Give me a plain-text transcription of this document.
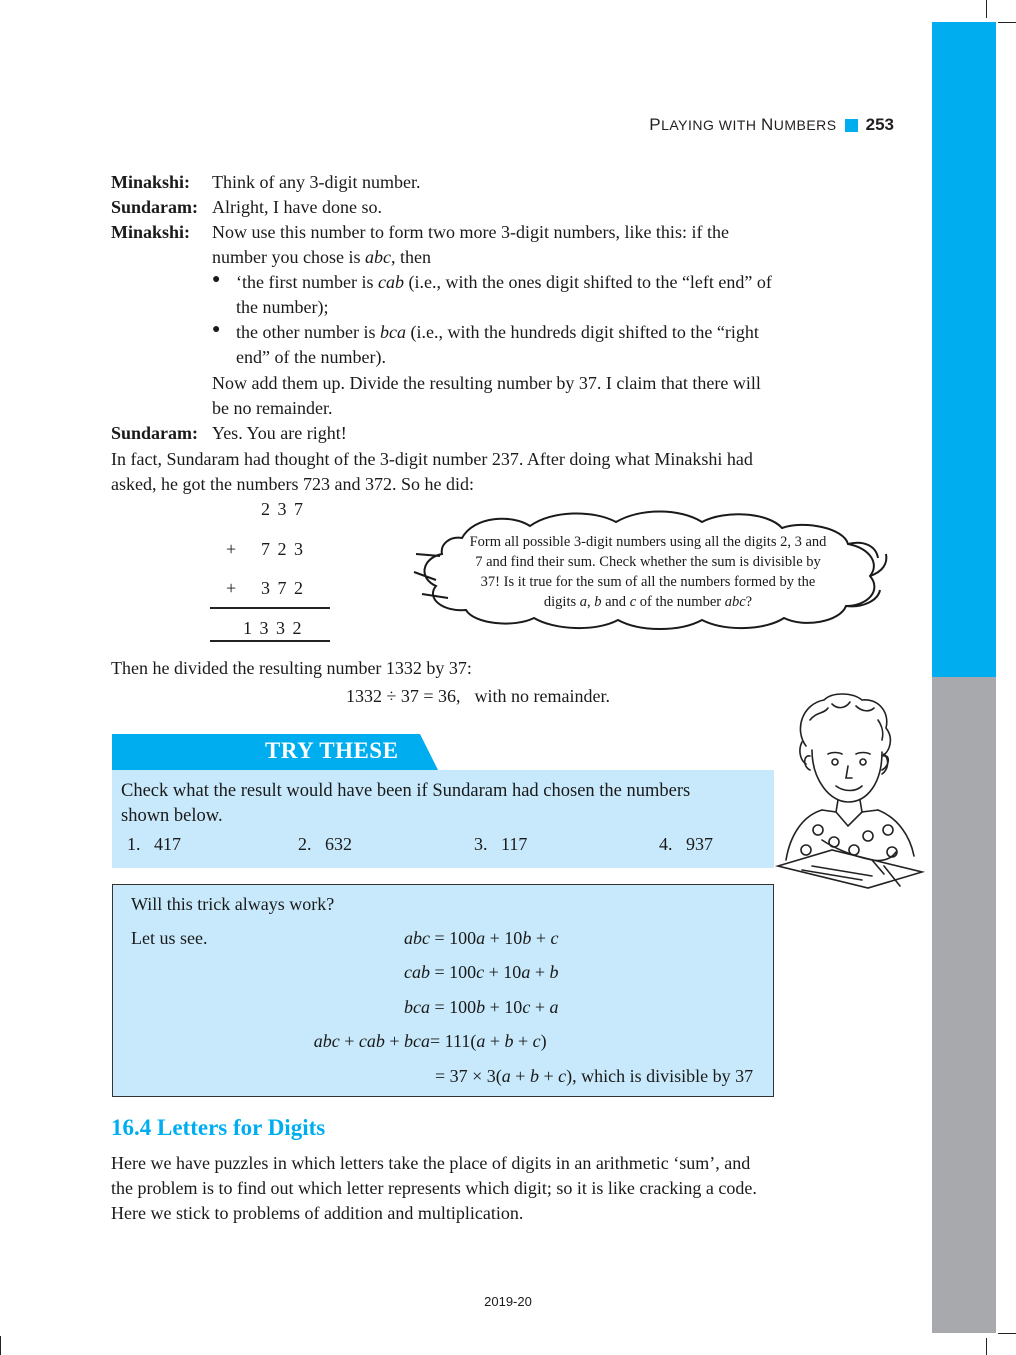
PLAYING WITH NUMBERS 253
Minakshi:	Think of any 3-digit number.
Sundaram: Alright, I have done so.
Minakshi:	Now use this number to form two more 3-digit numbers, like this: if the
number you chose is abc, then
● ‘the first number is cab (i.e., with the ones digit shifted to the “left end” of
the number);
● the other number is bca (i.e., with the hundreds digit shifted to the “right
end” of the number).
Now add them up. Divide the resulting number by 37. I claim that there will
be no remainder.
Sundaram: Yes. You are right!
In fact, Sundaram had thought of the 3-digit number 237. After doing what Minakshi had
asked, he got the numbers 723 and 372. So he did:
2 3 7
+ 7 2 3
+ 3 7 2
1 3 3 2
Form all possible 3-digit numbers using all the digits 2, 3 and
7 and find their sum. Check whether the sum is divisible by
37! Is it true for the sum of all the numbers formed by the
digits a, b and c of the number abc?
Then he divided the resulting number 1332 by 37:
1332 ÷ 37 = 36, with no remainder.
TRY THESE
Check what the result would have been if Sundaram had chosen the numbers
shown below.
1. 417	2. 632	3. 117	4. 937
Will this trick always work?
Let us see.	abc = 100a + 10b + c
cab = 100c + 10a + b
bca = 100b + 10c + a
abc + cab + bca = 111(a + b + c)
= 37 × 3(a + b + c), which is divisible by 37
16.4 Letters for Digits
Here we have puzzles in which letters take the place of digits in an arithmetic ‘sum’, and
the problem is to find out which letter represents which digit; so it is like cracking a code.
Here we stick to problems of addition and multiplication.
2019-20
